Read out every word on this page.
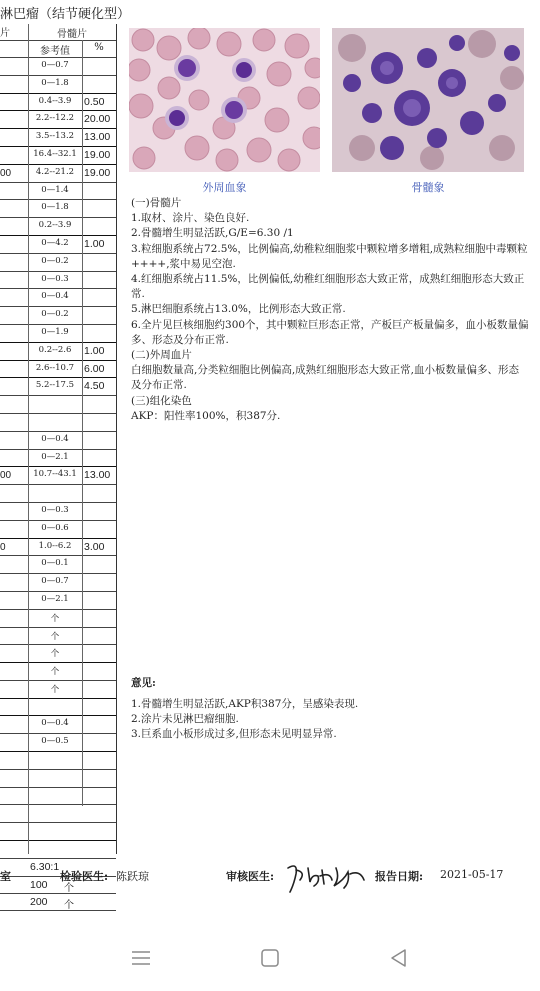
淋巴瘤（结节硬化型）
片	骨髓片
参考值	%
0—0.7
0—1.8
0.4--3.9	0.50
2.2--12.2 20.00
3.5--13.2 13.00
16.4--32.1 19.00
00	4.2--21.2 19.00
0—1.4
0—1.8
0.2--3.9
0—4.2	1.00
0—0.2
0—0.3
0—0.4
0—0.2
0—1.9
0.2--2.6	1.00
2.6--10.7 6.00
5.2--17.5 4.50
0—0.4
0—2.1
00	10.7--43.1 13.00
0—0.3
0—0.6
0	1.0--6.2	3.00
0—0.1
0—0.7
0—2.1
个
个
个
个
个
0—0.4
0—0.5
6.30:1
100	个
200	个
外周血象	骨髓象
(一)骨髓片
1.取材、涂片、染色良好.
2.骨髓增生明显活跃,G/E=6.30 /1
3.粒细胞系统占72.5%，比例偏高,幼稚粒细胞浆中颗粒增多增粗,成熟粒细胞中毒颗粒++++,浆中易见空泡.
4.红细胞系统占11.5%，比例偏低,幼稚红细胞形态大致正常，成熟红细胞形态大致正常.
5.淋巴细胞系统占13.0%，比例形态大致正常.
6.全片见巨核细胞约300个，其中颗粒巨形态正常，产板巨产板量偏多，血小板数量偏多、形态及分布正常.
(二)外周血片
白细胞数量高,分类粒细胞比例偏高,成熟红细胞形态大致正常,血小板数量偏多、形态及分布正常.
(三)组化染色
AKP：阳性率100%，积387分.
意见:
1.骨髓增生明显活跃,AKP积387分，呈感染表现.
2.涂片未见淋巴瘤细胞.
3.巨系血小板形成过多,但形态未见明显异常.
室	检验医生: 陈跃琼	审核医生:	报告日期: 2021-05-17
